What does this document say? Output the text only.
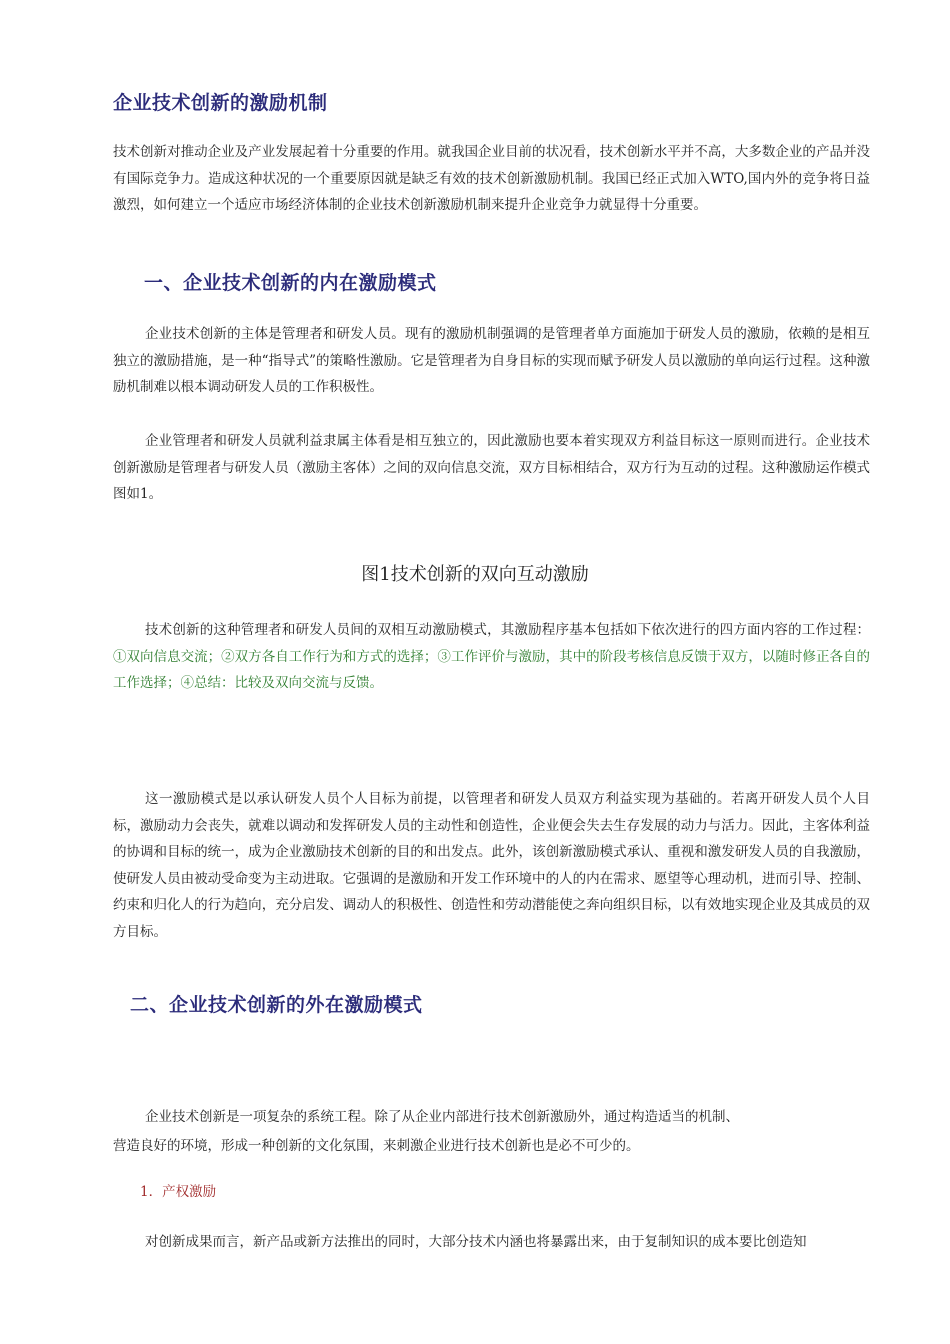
企业技术创新的激励机制

技术创新对推动企业及产业发展起着十分重要的作用。就我国企业目前的状况看，技术创新水平并不高，大多数企业的产品并没有国际竞争力。造成这种状况的一个重要原因就是缺乏有效的技术创新激励机制。我国已经正式加入WTO,国内外的竞争将日益激烈，如何建立一个适应市场经济体制的企业技术创新激励机制来提升企业竞争力就显得十分重要。

一、企业技术创新的内在激励模式

企业技术创新的主体是管理者和研发人员。现有的激励机制强调的是管理者单方面施加于研发人员的激励，依赖的是相互独立的激励措施，是一种“指导式”的策略性激励。它是管理者为自身目标的实现而赋予研发人员以激励的单向运行过程。这种激励机制难以根本调动研发人员的工作积极性。

企业管理者和研发人员就利益隶属主体看是相互独立的，因此激励也要本着实现双方利益目标这一原则而进行。企业技术创新激励是管理者与研发人员（激励主客体）之间的双向信息交流，双方目标相结合，双方行为互动的过程。这种激励运作模式图如1。

图1技术创新的双向互动激励

技术创新的这种管理者和研发人员间的双相互动激励模式，其激励程序基本包括如下依次进行的四方面内容的工作过程：①双向信息交流；②双方各自工作行为和方式的选择；③工作评价与激励，其中的阶段考核信息反馈于双方，以随时修正各自的工作选择；④总结：比较及双向交流与反馈。

这一激励模式是以承认研发人员个人目标为前提，以管理者和研发人员双方利益实现为基础的。若离开研发人员个人目标，激励动力会丧失，就难以调动和发挥研发人员的主动性和创造性，企业便会失去生存发展的动力与活力。因此，主客体利益的协调和目标的统一，成为企业激励技术创新的目的和出发点。此外，该创新激励模式承认、重视和激发研发人员的自我激励，使研发人员由被动受命变为主动进取。它强调的是激励和开发工作环境中的人的内在需求、愿望等心理动机，进而引导、控制、约束和归化人的行为趋向，充分启发、调动人的积极性、创造性和劳动潜能使之奔向组织目标，以有效地实现企业及其成员的双方目标。

二、企业技术创新的外在激励模式
企业技术创新是一项复杂的系统工程。除了从企业内部进行技术创新激励外，通过构造适当的机制、
营造良好的环境，形成一种创新的文化氛围，来刺激企业进行技术创新也是必不可少的。
1．产权激励
对创新成果而言，新产品或新方法推出的同时，大部分技术内涵也将暴露出来，由于复制知识的成本要比创造知
